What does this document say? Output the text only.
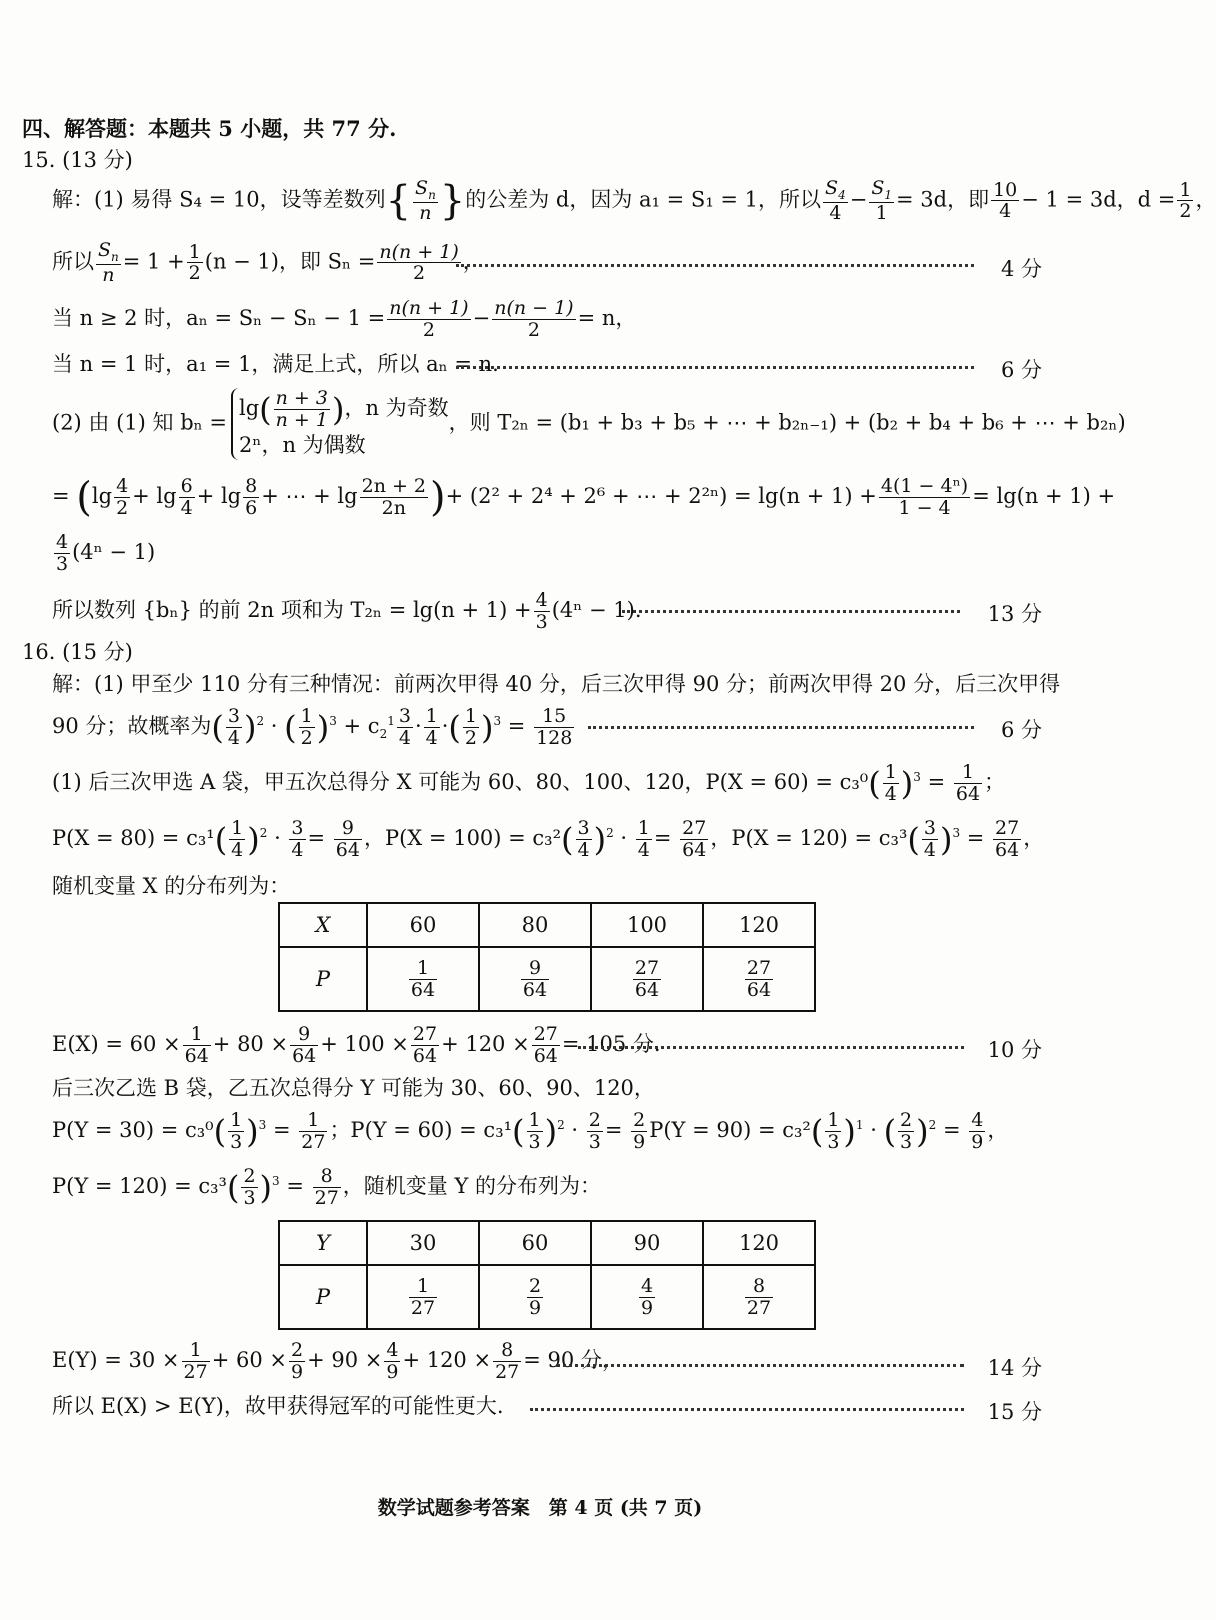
四、解答题：本题共 5 小题，共 77 分.
15. (13 分)
解：(1) 易得 S₄ = 10，设等差数列{ $\frac{S_n}{n}$ }的公差为 d，因为 a₁ = S₁ = 1，所以 $\frac{S_4}{4} - \frac{S_1}{1} = 3d$，即 $\frac{10}{4} - 1 = 3d$，$d = \frac{1}{2}$ ，
所以 $\frac{S_n}{n} = 1 + \frac{1}{2} (n - 1)$，即 $S_n = \frac{n(n + 1)}{2}$ ，	4 分
当 n ≥ 2 时，$a_n = S_n - S_n - 1 = \frac{n(n + 1)}{2} - \frac{n(n - 1)}{2} = n$，
当 n = 1 时，a₁ = 1，满足上式，所以 aₙ = n.	6 分
(2) 由 (1) 知 bₙ =
$\lg( \frac{n + 3}{n + 1}$ )，n 为奇数
2ⁿ，n 为偶数
，则 T₂ₙ = (b₁ + b₃ + b₅ + ⋯ + b₂ₙ₋₁) + (b₂ + b₄ + b₆ + ⋯ + b₂ₙ)
= ($\lg \frac{4}{2} + \lg \frac{6}{4} + \lg \frac{8}{6}$ + ⋯ + $\lg \frac{2n + 2}{2n}$ )+ (2² + 2⁴ + 2⁶ + ⋯ + $2^{2n}) = \lg(n + 1) + \frac{\text{4(1 − 4ⁿ)}}{1 - 4} = \lg(n + 1)$ +
$\frac{4}{3} (4^n - 1)$
所以数列 {bₙ} 的前 2n 项和为 $T_{2n} = \lg(n + 1) + \frac{4}{3} (4^n - 1)$.	13 分
16. (15 分)
解：(1) 甲至少 110 分有三种情况：前两次甲得 40 分，后三次甲得 90 分；前两次甲得 20 分，后三次甲得
90 分；故概率为( $\frac{3}{4} )^2$ · ( $\frac{1}{2} )^3 + c_2^1 \frac{3}{4} \cdot \frac{1}{4}$ ·( $\frac{1}{2} )^3 = \frac{15}{128}$	6 分
(1) 后三次甲选 A 袋，甲五次总得分 X 可能为 60、80、100、120，$P(X = 60) = c_3^0( \frac{1}{4} )^3 = \frac{1}{64}$ ；
$P(X = 80) = c_3^1( \frac{1}{4} )^2 \cdot \frac{3}{4} = \frac{9}{64}$ ，$P(X = 100) = c_3^2( \frac{3}{4} )^2 \cdot \frac{1}{4} = \frac{27}{64}$ ，$P(X = 120) = c_3^3( \frac{3}{4} )^3 = \frac{27}{64}$ ，
随机变量 X 的分布列为：
X	60	80	100	120
P	$\frac{1}{64}$	$\frac{9}{64}$	$\frac{27}{64}$	$\frac{27}{64}$
$E(X) = 60 \times \frac{1}{64} + 80 \times \frac{9}{64} + 100 \times \frac{27}{64} + 120 \times \frac{27}{64} = 105$ 分.	10 分
后三次乙选 B 袋，乙五次总得分 Y 可能为 30、60、90、120，
$P(Y = 30) = c_3^0( \frac{1}{3} )^3 = \frac{1}{27}$ ；$P(Y = 60) = c_3^1( \frac{1}{3} )^2 \cdot \frac{2}{3} = \frac{2}{9} P(Y = 90) = c_3^2( \frac{1}{3} )^1$ · ( $\frac{2}{3} )^2 = \frac{4}{9}$ ，
$P(Y = 120) = c_3^3( \frac{2}{3} )^3 = \frac{8}{27}$ ，随机变量 Y 的分布列为：
Y	30	60	90	120
P	$\frac{1}{27}$	$\frac{2}{9}$	$\frac{4}{9}$	$\frac{8}{27}$
$E(Y) = 30 \times \frac{1}{27} + 60 \times \frac{2}{9} + 90 \times \frac{4}{9} + 120 \times \frac{8}{27} = 90$ 分，	14 分
所以 E(X) > E(Y)，故甲获得冠军的可能性更大.	15 分
数学试题参考答案　第 4 页 (共 7 页)
